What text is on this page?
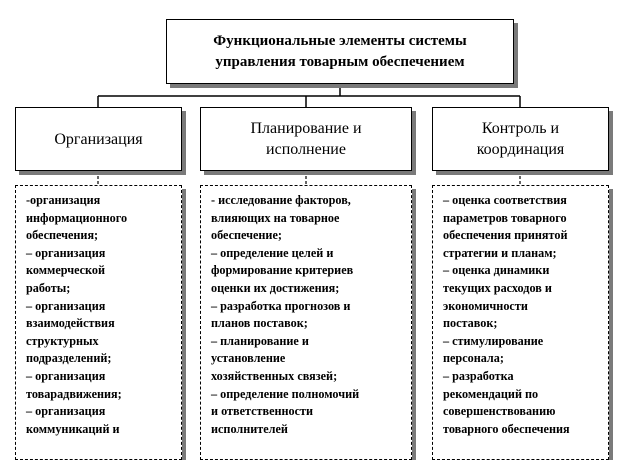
Функциональные элементы системы
управления товарным обеспечением
Организация
Планирование и
исполнение
Контроль и
координация

-организация
информационного
обеспечения;

– организация
коммерческой
работы;

– организация
взаимодействия
структурных
подразделений;

– организация
товарадвижения;

– организация
коммуникаций и

- исследование факторов,
влияющих на товарное
обеспечение;

– определение целей и
формирование критериев
оценки их достижения;

– разработка прогнозов и
планов поставок;

– планирование и
установление
хозяйственных связей;

– определение полномочий
и ответственности
исполнителей

– оценка соответствия
параметров товарного
обеспечения принятой
стратегии и планам;

– оценка динамики
текущих расходов и
экономичности
поставок;

– стимулирование
персонала;

– разработка
рекомендаций по
совершенствованию
товарного обеспечения
